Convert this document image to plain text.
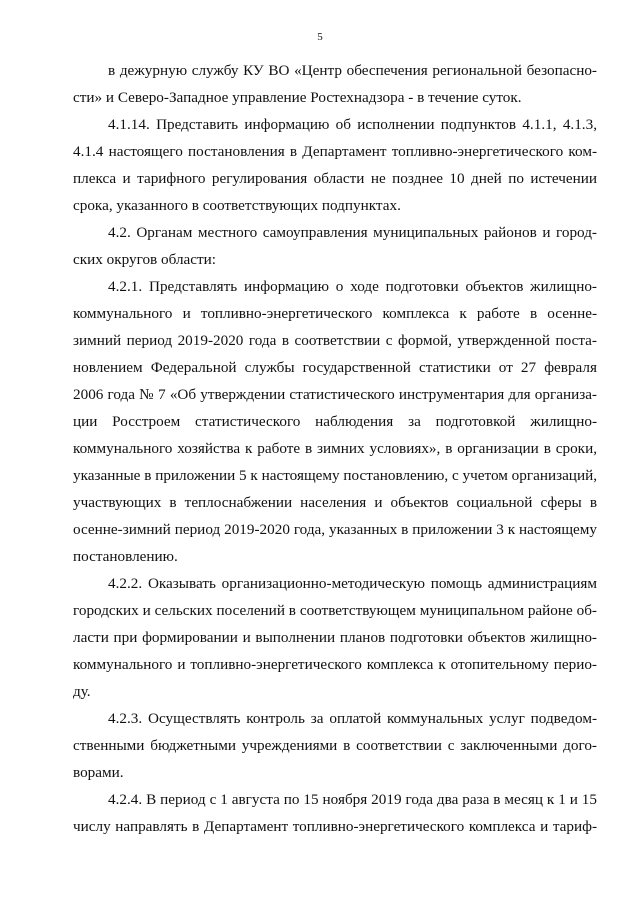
5
в дежурную службу КУ ВО «Центр обеспечения региональной безопасно-
сти» и Северо-Западное управление Ростехнадзора - в течение суток.
4.1.14. Представить информацию об исполнении подпунктов 4.1.1, 4.1.3,
4.1.4 настоящего постановления в Департамент топливно-энергетического ком-
плекса и тарифного регулирования области не позднее 10 дней по истечении
срока, указанного в соответствующих подпунктах.
4.2. Органам местного самоуправления муниципальных районов и город-
ских округов области:
4.2.1. Представлять информацию о ходе подготовки объектов жилищно-
коммунального и топливно-энергетического комплекса к работе в осенне-
зимний период 2019-2020 года в соответствии с формой, утвержденной поста-
новлением Федеральной службы государственной статистики от 27 февраля
2006 года № 7 «Об утверждении статистического инструментария для организа-
ции Росстроем статистического наблюдения за подготовкой жилищно-
коммунального хозяйства к работе в зимних условиях», в организации в сроки,
указанные в приложении 5 к настоящему постановлению, с учетом организаций,
участвующих в теплоснабжении населения и объектов социальной сферы в
осенне-зимний период 2019-2020 года, указанных в приложении 3 к настоящему
постановлению.
4.2.2. Оказывать организационно-методическую помощь администрациям
городских и сельских поселений в соответствующем муниципальном районе об-
ласти при формировании и выполнении планов подготовки объектов жилищно-
коммунального и топливно-энергетического комплекса к отопительному перио-
ду.
4.2.3. Осуществлять контроль за оплатой коммунальных услуг подведом-
ственными бюджетными учреждениями в соответствии с заключенными дого-
ворами.
4.2.4. В период с 1 августа по 15 ноября 2019 года два раза в месяц к 1 и 15
числу направлять в Департамент топливно-энергетического комплекса и тариф-
